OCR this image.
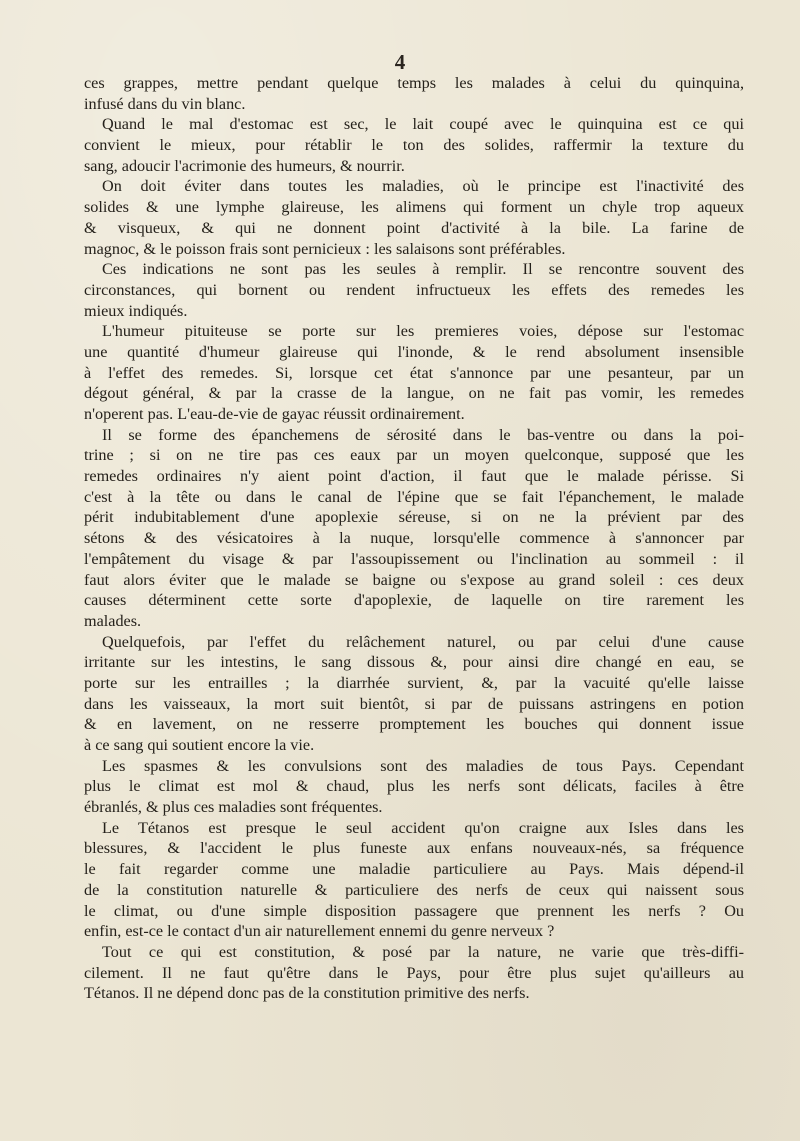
4
ces grappes, mettre pendant quelque temps les malades à celui du quinquina,
infusé dans du vin blanc.
Quand le mal d'estomac est sec, le lait coupé avec le quinquina est ce qui
convient le mieux, pour rétablir le ton des solides, raffermir la texture du
sang, adoucir l'acrimonie des humeurs, & nourrir.
On doit éviter dans toutes les maladies, où le principe est l'inactivité des
solides & une lymphe glaireuse, les alimens qui forment un chyle trop aqueux
& visqueux, & qui ne donnent point d'activité à la bile. La farine de
magnoc, & le poisson frais sont pernicieux : les salaisons sont préférables.
Ces indications ne sont pas les seules à remplir. Il se rencontre souvent des
circonstances, qui bornent ou rendent infructueux les effets des remedes les
mieux indiqués.
L'humeur pituiteuse se porte sur les premieres voies, dépose sur l'estomac
une quantité d'humeur glaireuse qui l'inonde, & le rend absolument insensible
à l'effet des remedes. Si, lorsque cet état s'annonce par une pesanteur, par un
dégout général, & par la crasse de la langue, on ne fait pas vomir, les remedes
n'operent pas. L'eau-de-vie de gayac réussit ordinairement.
Il se forme des épanchemens de sérosité dans le bas-ventre ou dans la poi-
trine ; si on ne tire pas ces eaux par un moyen quelconque, supposé que les
remedes ordinaires n'y aient point d'action, il faut que le malade périsse. Si
c'est à la tête ou dans le canal de l'épine que se fait l'épanchement, le malade
périt indubitablement d'une apoplexie séreuse, si on ne la prévient par des
sétons & des vésicatoires à la nuque, lorsqu'elle commence à s'annoncer par
l'empâtement du visage & par l'assoupissement ou l'inclination au sommeil : il
faut alors éviter que le malade se baigne ou s'expose au grand soleil : ces deux
causes déterminent cette sorte d'apoplexie, de laquelle on tire rarement les
malades.
Quelquefois, par l'effet du relâchement naturel, ou par celui d'une cause
irritante sur les intestins, le sang dissous &, pour ainsi dire changé en eau, se
porte sur les entrailles ; la diarrhée survient, &, par la vacuité qu'elle laisse
dans les vaisseaux, la mort suit bientôt, si par de puissans astringens en potion
& en lavement, on ne resserre promptement les bouches qui donnent issue
à ce sang qui soutient encore la vie.
Les spasmes & les convulsions sont des maladies de tous Pays. Cependant
plus le climat est mol & chaud, plus les nerfs sont délicats, faciles à être
ébranlés, & plus ces maladies sont fréquentes.
Le Tétanos est presque le seul accident qu'on craigne aux Isles dans les
blessures, & l'accident le plus funeste aux enfans nouveaux-nés, sa fréquence
le fait regarder comme une maladie particuliere au Pays. Mais dépend-il
de la constitution naturelle & particuliere des nerfs de ceux qui naissent sous
le climat, ou d'une simple disposition passagere que prennent les nerfs ? Ou
enfin, est-ce le contact d'un air naturellement ennemi du genre nerveux ?
Tout ce qui est constitution, & posé par la nature, ne varie que très-diffi-
cilement. Il ne faut qu'être dans le Pays, pour être plus sujet qu'ailleurs au
Tétanos. Il ne dépend donc pas de la constitution primitive des nerfs.
